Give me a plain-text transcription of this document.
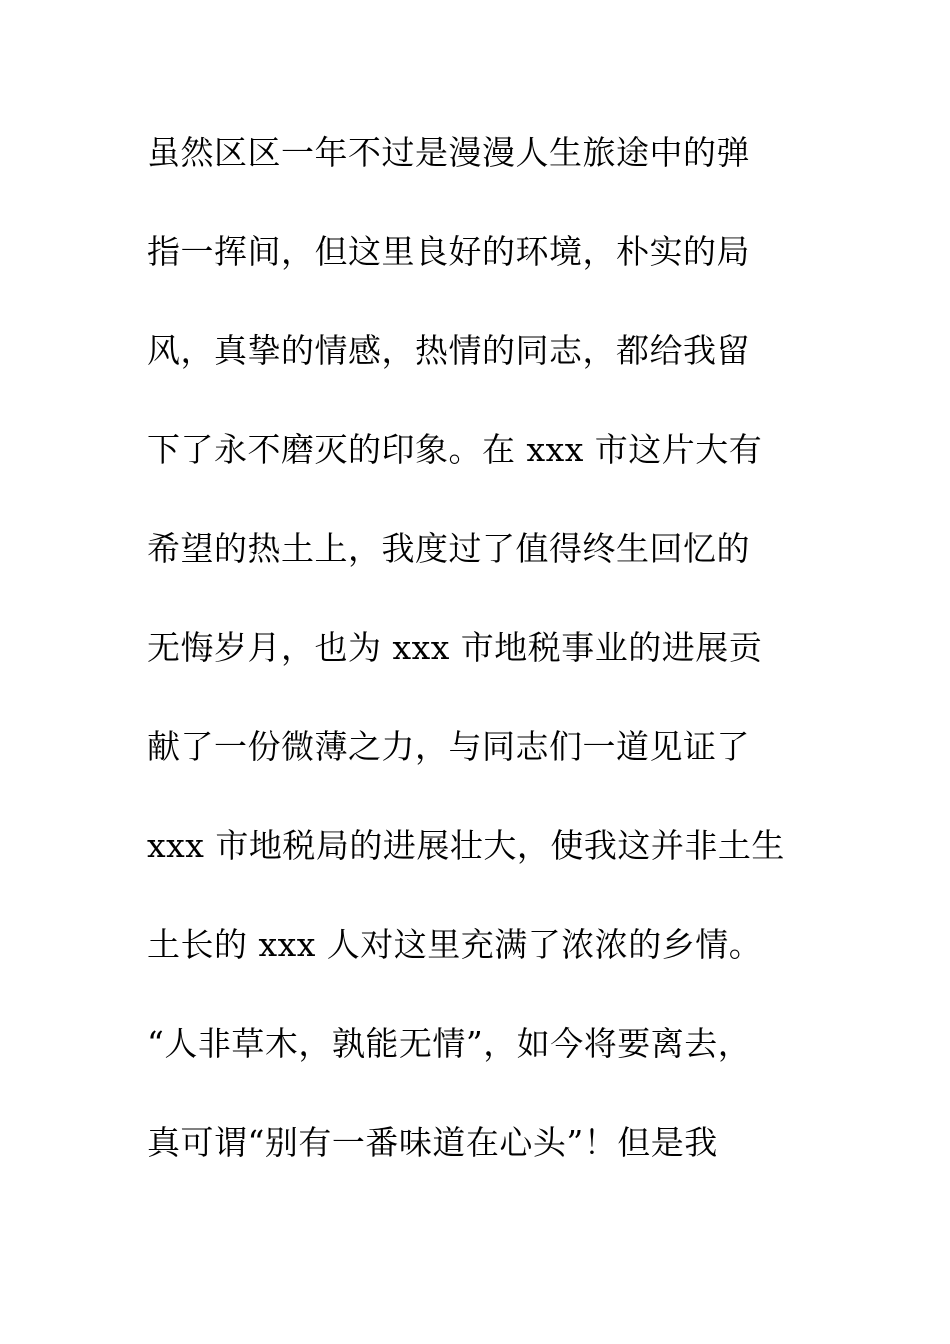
虽然区区一年不过是漫漫人生旅途中的弹
指一挥间，但这里良好的环境，朴实的局
风，真挚的情感，热情的同志，都给我留
下了永不磨灭的印象。在 xxx 市这片大有
希望的热土上，我度过了值得终生回忆的
无悔岁月，也为 xxx 市地税事业的进展贡
献了一份微薄之力，与同志们一道见证了
xxx 市地税局的进展壮大，使我这并非土生
土长的 xxx 人对这里充满了浓浓的乡情。
“人非草木，孰能无情”，如今将要离去，
真可谓“别有一番味道在心头”！但是我
